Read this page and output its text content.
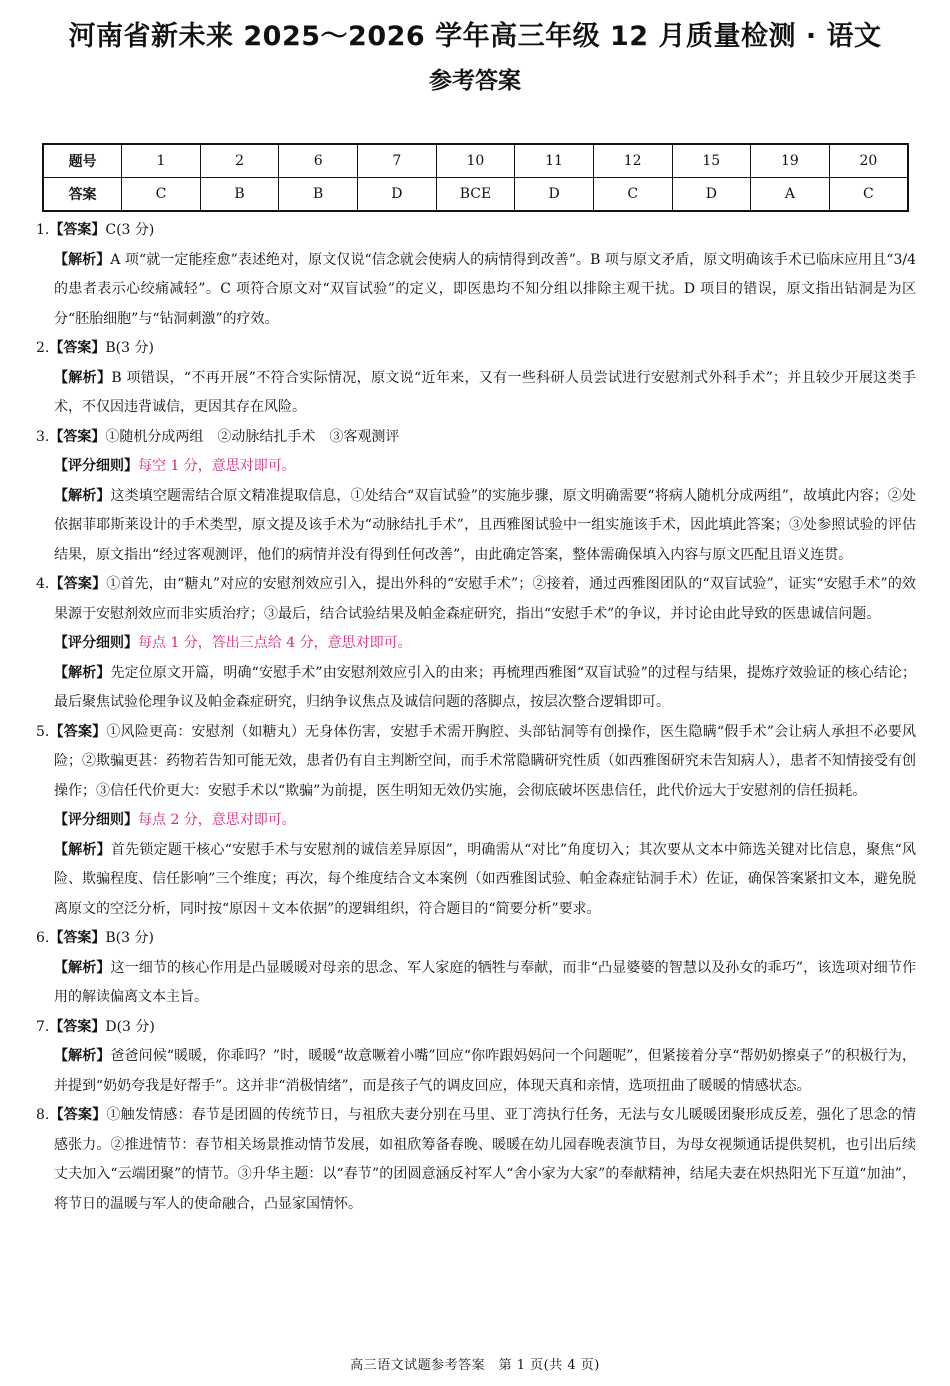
河南省新未来 2025～2026 学年高三年级 12 月质量检测 · 语文
参考答案
题号	1	2	6	7	10	11	12	15	19	20
答案	C	B	B	D	BCE	D	C	D	A	C

1.【答案】C(3 分)

【解析】A 项“就一定能痊愈”表述绝对，原文仅说“信念就会使病人的病情得到改善”。B 项与原文矛盾，原文明确该手术已临床应用且“3/4 的患者表示心绞痛减轻”。C 项符合原文对“双盲试验”的定义，即医患均不知分组以排除主观干扰。D 项目的错误，原文指出钻洞是为区分“胚胎细胞”与“钻洞刺激”的疗效。

2.【答案】B(3 分)

【解析】B 项错误，“不再开展”不符合实际情况，原文说“近年来，又有一些科研人员尝试进行安慰剂式外科手术”；并且较少开展这类手术，不仅因违背诚信，更因其存在风险。

3.【答案】①随机分成两组　②动脉结扎手术　③客观测评

【评分细则】每空 1 分，意思对即可。

【解析】这类填空题需结合原文精准提取信息，①处结合“双盲试验”的实施步骤，原文明确需要“将病人随机分成两组”，故填此内容；②处依据菲耶斯莱设计的手术类型，原文提及该手术为“动脉结扎手术”，且西雅图试验中一组实施该手术，因此填此答案；③处参照试验的评估结果，原文指出“经过客观测评，他们的病情并没有得到任何改善”，由此确定答案，整体需确保填入内容与原文匹配且语义连贯。

4.【答案】①首先，由“糖丸”对应的安慰剂效应引入，提出外科的“安慰手术”；②接着，通过西雅图团队的“双盲试验”，证实“安慰手术”的效果源于安慰剂效应而非实质治疗；③最后，结合试验结果及帕金森症研究，指出“安慰手术”的争议，并讨论由此导致的医患诚信问题。

【评分细则】每点 1 分，答出三点给 4 分，意思对即可。

【解析】先定位原文开篇，明确“安慰手术”由安慰剂效应引入的由来；再梳理西雅图“双盲试验”的过程与结果，提炼疗效验证的核心结论；最后聚焦试验伦理争议及帕金森症研究，归纳争议焦点及诚信问题的落脚点，按层次整合逻辑即可。

5.【答案】①风险更高：安慰剂（如糖丸）无身体伤害，安慰手术需开胸腔、头部钻洞等有创操作，医生隐瞒“假手术”会让病人承担不必要风险；②欺骗更甚：药物若告知可能无效，患者仍有自主判断空间，而手术常隐瞒研究性质（如西雅图研究未告知病人），患者不知情接受有创操作；③信任代价更大：安慰手术以“欺骗”为前提，医生明知无效仍实施，会彻底破坏医患信任，此代价远大于安慰剂的信任损耗。

【评分细则】每点 2 分，意思对即可。

【解析】首先锁定题干核心“安慰手术与安慰剂的诚信差异原因”，明确需从“对比”角度切入；其次要从文本中筛选关键对比信息，聚焦“风险、欺骗程度、信任影响”三个维度；再次，每个维度结合文本案例（如西雅图试验、帕金森症钻洞手术）佐证，确保答案紧扣文本，避免脱离原文的空泛分析，同时按“原因＋文本依据”的逻辑组织，符合题目的“简要分析”要求。

6.【答案】B(3 分)

【解析】这一细节的核心作用是凸显暖暖对母亲的思念、军人家庭的牺牲与奉献，而非“凸显婆婆的智慧以及孙女的乖巧”，该选项对细节作用的解读偏离文本主旨。

7.【答案】D(3 分)

【解析】爸爸问候“暖暖，你乖吗？”时，暖暖“故意噘着小嘴”回应“你咋跟妈妈问一个问题呢”，但紧接着分享“帮奶奶擦桌子”的积极行为，并提到“奶奶夸我是好帮手”。这并非“消极情绪”，而是孩子气的调皮回应，体现天真和亲情，选项扭曲了暖暖的情感状态。

8.【答案】①触发情感：春节是团圆的传统节日，与祖欣夫妻分别在马里、亚丁湾执行任务，无法与女儿暖暖团聚形成反差，强化了思念的情感张力。②推进情节：春节相关场景推动情节发展，如祖欣筹备春晚、暖暖在幼儿园春晚表演节目，为母女视频通话提供契机，也引出后续丈夫加入“云端团聚”的情节。③升华主题：以“春节”的团圆意涵反衬军人“舍小家为大家”的奉献精神，结尾夫妻在炽热阳光下互道“加油”，将节日的温暖与军人的使命融合，凸显家国情怀。

高三语文试题参考答案　第 1 页(共 4 页)
